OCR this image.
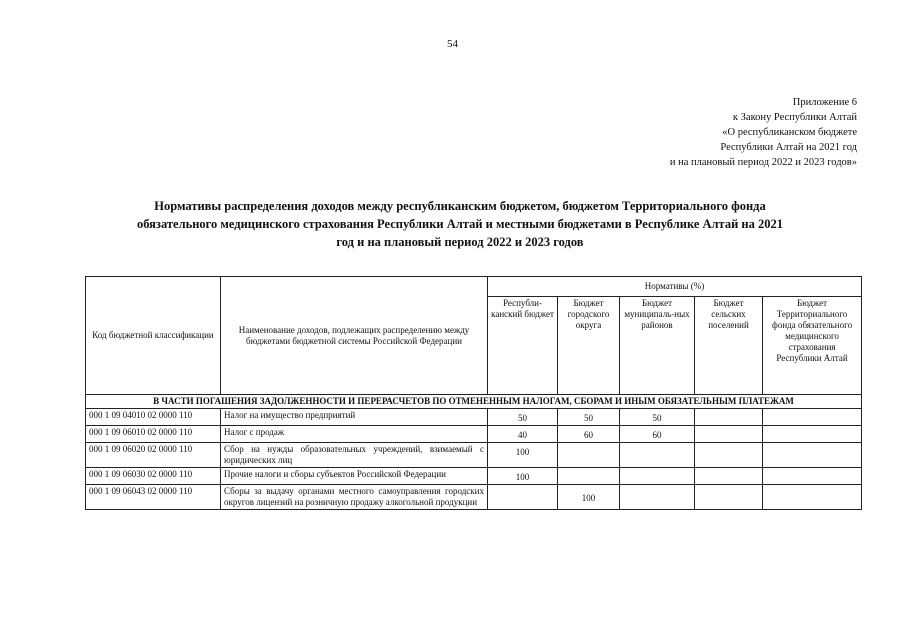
54
Приложение 6
к Закону Республики Алтай
«О республиканском бюджете
Республики Алтай на 2021 год
и на плановый период 2022 и 2023 годов»
Нормативы распределения доходов между республиканским бюджетом, бюджетом Территориального фонда
обязательного медицинского страхования Республики Алтай и местными бюджетами в Республике Алтай на 2021
год и на плановый период 2022 и 2023 годов
Код бюджетной классификации	Наименование доходов, подлежащих распределению между бюджетами бюджетной системы Российской Федерации	Нормативы (%)				
		Республи-канский бюджет	Бюджет городского округа	Бюджет муниципаль-ных районов	Бюджет сельских поселений	Бюджет Территориального фонда обязательного медицинского страхования Республики Алтай
В ЧАСТИ ПОГАШЕНИЯ ЗАДОЛЖЕННОСТИ И ПЕРЕРАСЧЕТОВ ПО ОТМЕНЕННЫМ НАЛОГАМ, СБОРАМ И ИНЫМ ОБЯЗАТЕЛЬНЫМ ПЛАТЕЖАМ						
000 1 09 04010 02 0000 110	Налог на имущество предприятий	50	50	50		
000 1 09 06010 02 0000 110	Налог с продаж	40	60	60		
000 1 09 06020 02 0000 110	Сбор на нужды образовательных учреждений, взимаемый с юридических лиц	100				
000 1 09 06030 02 0000 110	Прочие налоги и сборы субъектов Российской Федерации	100				
000 1 09 06043 02 0000 110	Сборы за выдачу органами местного самоуправления городских округов лицензий на розничную продажу алкогольной продукции		100			
